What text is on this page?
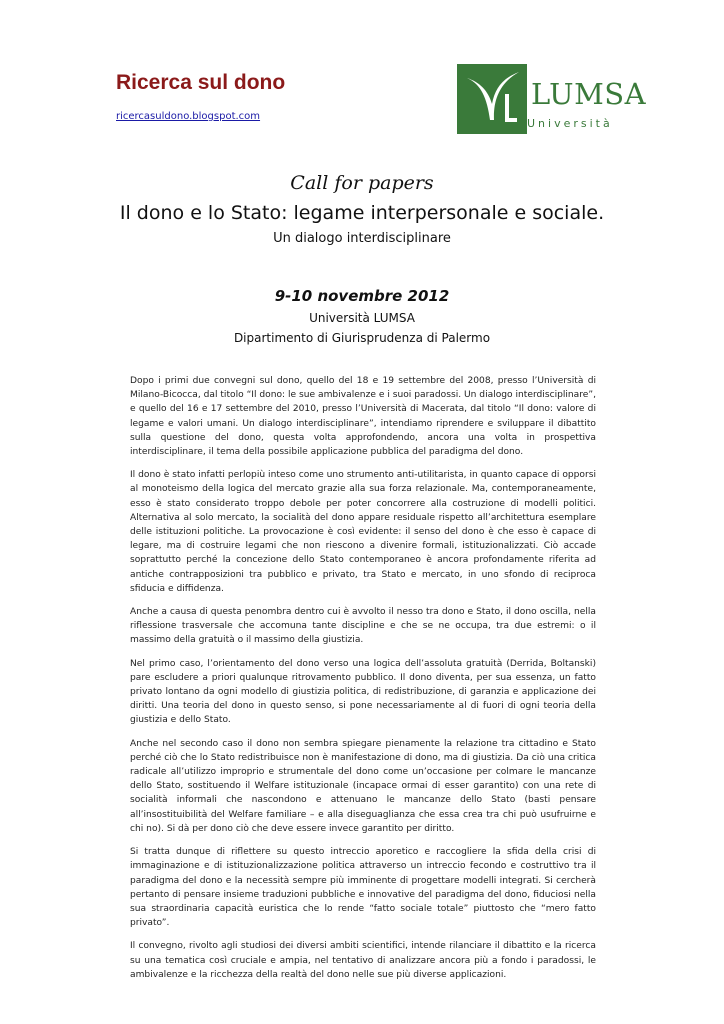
Ricerca sul dono
ricercasuldono.blogspot.com
LUMSA
Università
Call for papers
Il dono e lo Stato: legame interpersonale e sociale.
Un dialogo interdisciplinare
9-10 novembre 2012
Università LUMSA
Dipartimento di Giurisprudenza di Palermo

Dopo i primi due convegni sul dono, quello del 18 e 19 settembre del 2008, presso l’Università di Milano-Bicocca, dal titolo “Il dono: le sue ambivalenze e i suoi paradossi. Un dialogo interdisciplinare”, e quello del 16 e 17 settembre del 2010, presso l’Università di Macerata, dal titolo “Il dono: valore di legame e valori umani. Un dialogo interdisciplinare”, intendiamo riprendere e sviluppare il dibattito sulla questione del dono, questa volta approfondendo, ancora una volta in prospettiva interdisciplinare, il tema della possibile applicazione pubblica del paradigma del dono.

Il dono è stato infatti perlopiù inteso come uno strumento anti-utilitarista, in quanto capace di opporsi al monoteismo della logica del mercato grazie alla sua forza relazionale. Ma, contemporaneamente, esso è stato considerato troppo debole per poter concorrere alla costruzione di modelli politici. Alternativa al solo mercato, la socialità del dono appare residuale rispetto all’architettura esemplare delle istituzioni politiche. La provocazione è così evidente: il senso del dono è che esso è capace di legare, ma di costruire legami che non riescono a divenire formali, istituzionalizzati. Ciò accade soprattutto perché la concezione dello Stato contemporaneo è ancora profondamente riferita ad antiche contrapposizioni tra pubblico e privato, tra Stato e mercato, in uno sfondo di reciproca sfiducia e diffidenza.

Anche a causa di questa penombra dentro cui è avvolto il nesso tra dono e Stato, il dono oscilla, nella riflessione trasversale che accomuna tante discipline e che se ne occupa, tra due estremi: o il massimo della gratuità o il massimo della giustizia.

Nel primo caso, l’orientamento del dono verso una logica dell’assoluta gratuità (Derrida, Boltanski) pare escludere a priori qualunque ritrovamento pubblico. Il dono diventa, per sua essenza, un fatto privato lontano da ogni modello di giustizia politica, di redistribuzione, di garanzia e applicazione dei diritti. Una teoria del dono in questo senso, si pone necessariamente al di fuori di ogni teoria della giustizia e dello Stato.

Anche nel secondo caso il dono non sembra spiegare pienamente la relazione tra cittadino e Stato perché ciò che lo Stato redistribuisce non è manifestazione di dono, ma di giustizia. Da ciò una critica radicale all’utilizzo improprio e strumentale del dono come un’occasione per colmare le mancanze dello Stato, sostituendo il Welfare istituzionale (incapace ormai di esser garantito) con una rete di socialità informali che nascondono e attenuano le mancanze dello Stato (basti pensare all’insostituibilità del Welfare familiare – e alla diseguaglianza che essa crea tra chi può usufruirne e chi no). Si dà per dono ciò che deve essere invece garantito per diritto.

Si tratta dunque di riflettere su questo intreccio aporetico e raccogliere la sfida della crisi di immaginazione e di istituzionalizzazione politica attraverso un intreccio fecondo e costruttivo tra il paradigma del dono e la necessità sempre più imminente di progettare modelli integrati. Si cercherà pertanto di pensare insieme traduzioni pubbliche e innovative del paradigma del dono, fiduciosi nella sua straordinaria capacità euristica che lo rende “fatto sociale totale” piuttosto che “mero fatto privato”.

Il convegno, rivolto agli studiosi dei diversi ambiti scientifici, intende rilanciare il dibattito e la ricerca su una tematica così cruciale e ampia, nel tentativo di analizzare ancora più a fondo i paradossi, le ambivalenze e la ricchezza della realtà del dono nelle sue più diverse applicazioni.
